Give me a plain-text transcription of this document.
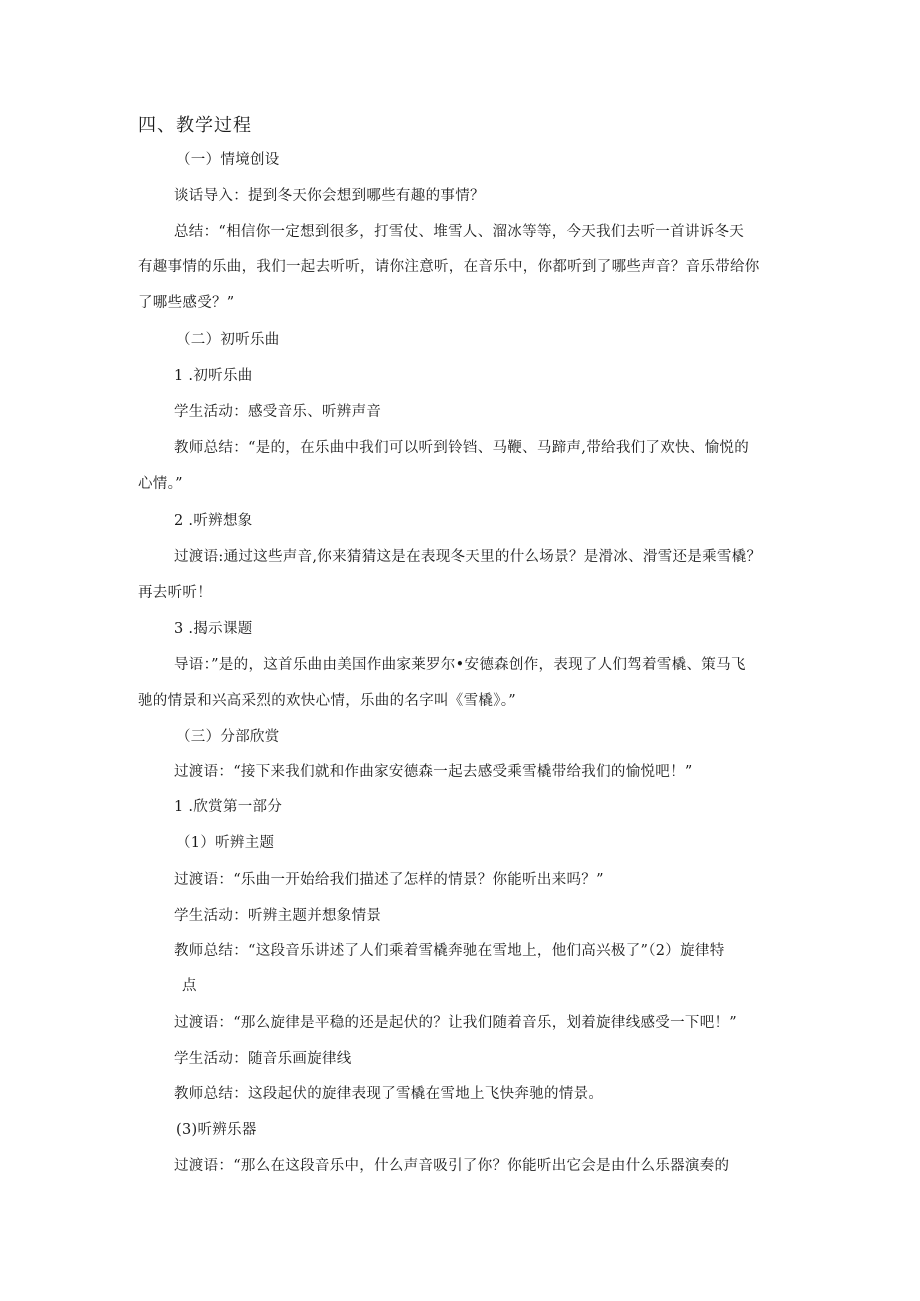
四、教学过程
（一）情境创设
谈话导入：提到冬天你会想到哪些有趣的事情？
总结：“相信你一定想到很多，打雪仗、堆雪人、溜冰等等，今天我们去听一首讲诉冬天
有趣事情的乐曲，我们一起去听听，请你注意听，在音乐中，你都听到了哪些声音？音乐带给你
了哪些感受？”
（二）初听乐曲
1 .初听乐曲
学生活动：感受音乐、听辨声音
教师总结：“是的，在乐曲中我们可以听到铃铛、马鞭、马蹄声,带给我们了欢快、愉悦的
心情。”
2 .听辨想象
过渡语:通过这些声音,你来猜猜这是在表现冬天里的什么场景？是滑冰、滑雪还是乘雪橇？
再去听听！
3 .揭示课题
导语：”是的，这首乐曲由美国作曲家莱罗尔•安德森创作，表现了人们驾着雪橇、策马飞
驰的情景和兴高采烈的欢快心情，乐曲的名字叫《雪橇》。”
（三）分部欣赏
过渡语：“接下来我们就和作曲家安德森一起去感受乘雪橇带给我们的愉悦吧！”
1 .欣赏第一部分
（1）听辨主题
过渡语：“乐曲一开始给我们描述了怎样的情景？你能听出来吗？”
学生活动：听辨主题并想象情景
教师总结：“这段音乐讲述了人们乘着雪橇奔驰在雪地上，他们高兴极了”（2）旋律特
点
过渡语：“那么旋律是平稳的还是起伏的？让我们随着音乐，划着旋律线感受一下吧！”
学生活动：随音乐画旋律线
教师总结：这段起伏的旋律表现了雪橇在雪地上飞快奔驰的情景。
(3)听辨乐器
过渡语：“那么在这段音乐中，什么声音吸引了你？你能听出它会是由什么乐器演奏的
